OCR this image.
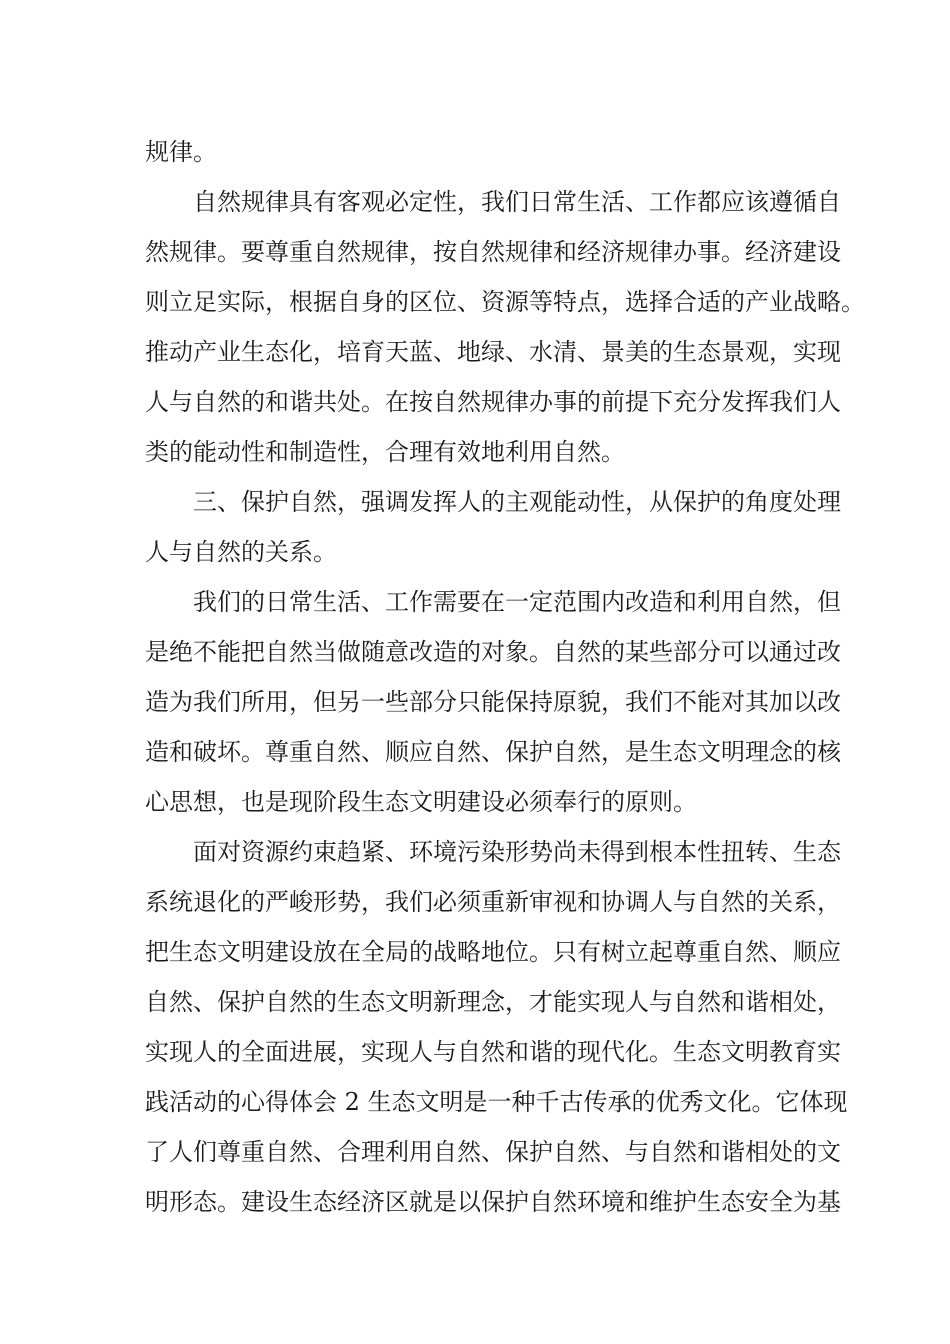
规律。

自然规律具有客观必定性，我们日常生活、工作都应该遵循自

然规律。要尊重自然规律，按自然规律和经济规律办事。经济建设

则立足实际，根据自身的区位、资源等特点，选择合适的产业战略。

推动产业生态化，培育天蓝、地绿、水清、景美的生态景观，实现

人与自然的和谐共处。在按自然规律办事的前提下充分发挥我们人

类的能动性和制造性，合理有效地利用自然。

三、保护自然，强调发挥人的主观能动性，从保护的角度处理

人与自然的关系。

我们的日常生活、工作需要在一定范围内改造和利用自然，但

是绝不能把自然当做随意改造的对象。自然的某些部分可以通过改

造为我们所用，但另一些部分只能保持原貌，我们不能对其加以改

造和破坏。尊重自然、顺应自然、保护自然，是生态文明理念的核

心思想，也是现阶段生态文明建设必须奉行的原则。

面对资源约束趋紧、环境污染形势尚未得到根本性扭转、生态

系统退化的严峻形势，我们必须重新审视和协调人与自然的关系，

把生态文明建设放在全局的战略地位。只有树立起尊重自然、顺应

自然、保护自然的生态文明新理念，才能实现人与自然和谐相处，

实现人的全面进展，实现人与自然和谐的现代化。生态文明教育实

践活动的心得体会 2 生态文明是一种千古传承的优秀文化。它体现

了人们尊重自然、合理利用自然、保护自然、与自然和谐相处的文

明形态。建设生态经济区就是以保护自然环境和维护生态安全为基
